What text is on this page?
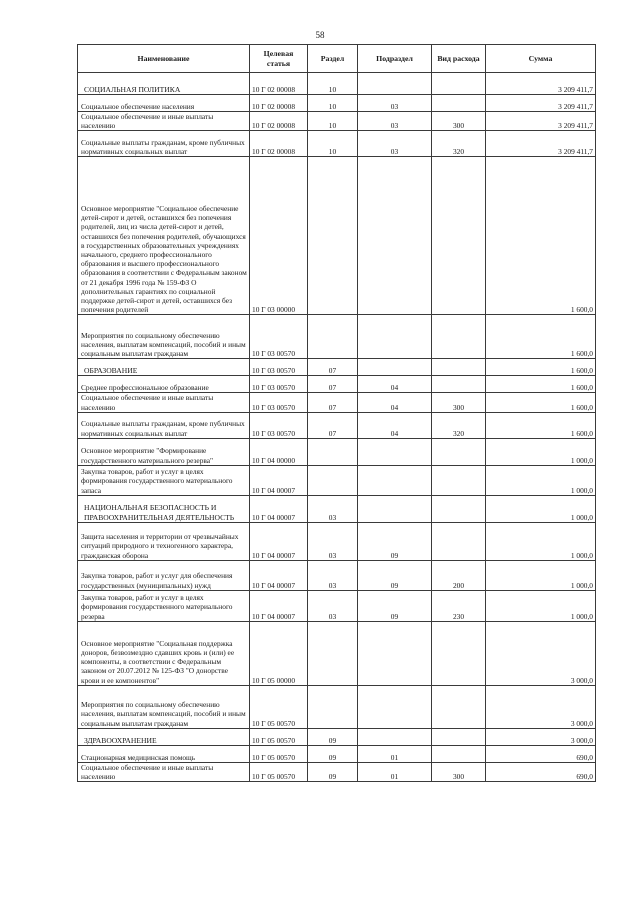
58
Наименование	Целевая статья	Раздел	Подраздел	Вид расхода	Сумма

СОЦИАЛЬНАЯ ПОЛИТИКА	10 Г 02 00008	10			3 209 411,7

Социальное обеспечение населения	10 Г 02 00008	10	03		3 209 411,7

Социальное обеспечение и иные выплаты населению	10 Г 02 00008	10	03	300	3 209 411,7

Социальные выплаты гражданам, кроме публичных нормативных социальных выплат	10 Г 02 00008	10	03	320	3 209 411,7

Основное мероприятие "Социальное обеспечение детей-сирот и детей, оставшихся без попечения родителей, лиц из числа детей-сирот и детей, оставшихся без попечения родителей, обучающихся в государственных образовательных учреждениях начального, среднего профессионального образования и высшего профессионального образования в соответствии с Федеральным законом от 21 декабря 1996 года № 159-ФЗ О дополнительных гарантиях по социальной поддержке детей-сирот и детей, оставшихся без попечения родителей	10 Г 03 00000				1 600,0

Мероприятия по социальному обеспечению населения, выплатам компенсаций, пособий и иным социальным выплатам гражданам	10 Г 03 00570				1 600,0

ОБРАЗОВАНИЕ	10 Г 03 00570	07			1 600,0

Среднее профессиональное образование	10 Г 03 00570	07	04		1 600,0

Социальное обеспечение и иные выплаты населению	10 Г 03 00570	07	04	300	1 600,0

Социальные выплаты гражданам, кроме публичных нормативных социальных выплат	10 Г 03 00570	07	04	320	1 600,0

Основное мероприятие "Формирование государственного материального резерва"	10 Г 04 00000				1 000,0

Закупка товаров, работ и услуг в целях формирования государственного материального запаса	10 Г 04 00007				1 000,0

НАЦИОНАЛЬНАЯ БЕЗОПАСНОСТЬ И ПРАВООХРАНИТЕЛЬНАЯ ДЕЯТЕЛЬНОСТЬ	10 Г 04 00007	03			1 000,0

Защита населения и территории от чрезвычайных ситуаций природного и техногенного характера, гражданская оборона	10 Г 04 00007	03	09		1 000,0

Закупка товаров, работ и услуг для обеспечения государственных (муниципальных) нужд	10 Г 04 00007	03	09	200	1 000,0

Закупка товаров, работ и услуг в целях формирования государственного материального резерва	10 Г 04 00007	03	09	230	1 000,0

Основное мероприятие "Социальная поддержка доноров, безвозмездно сдавших кровь и (или) ее компоненты, в соответствии с Федеральным законом от 20.07.2012 № 125-ФЗ "О донорстве крови и ее компонентов"	10 Г 05 00000				3 000,0

Мероприятия по социальному обеспечению населения, выплатам компенсаций, пособий и иным социальным выплатам гражданам	10 Г 05 00570				3 000,0

ЗДРАВООХРАНЕНИЕ	10 Г 05 00570	09			3 000,0

Стационарная медицинская помощь	10 Г 05 00570	09	01		690,0

Социальное обеспечение и иные выплаты населению	10 Г 05 00570	09	01	300	690,0
